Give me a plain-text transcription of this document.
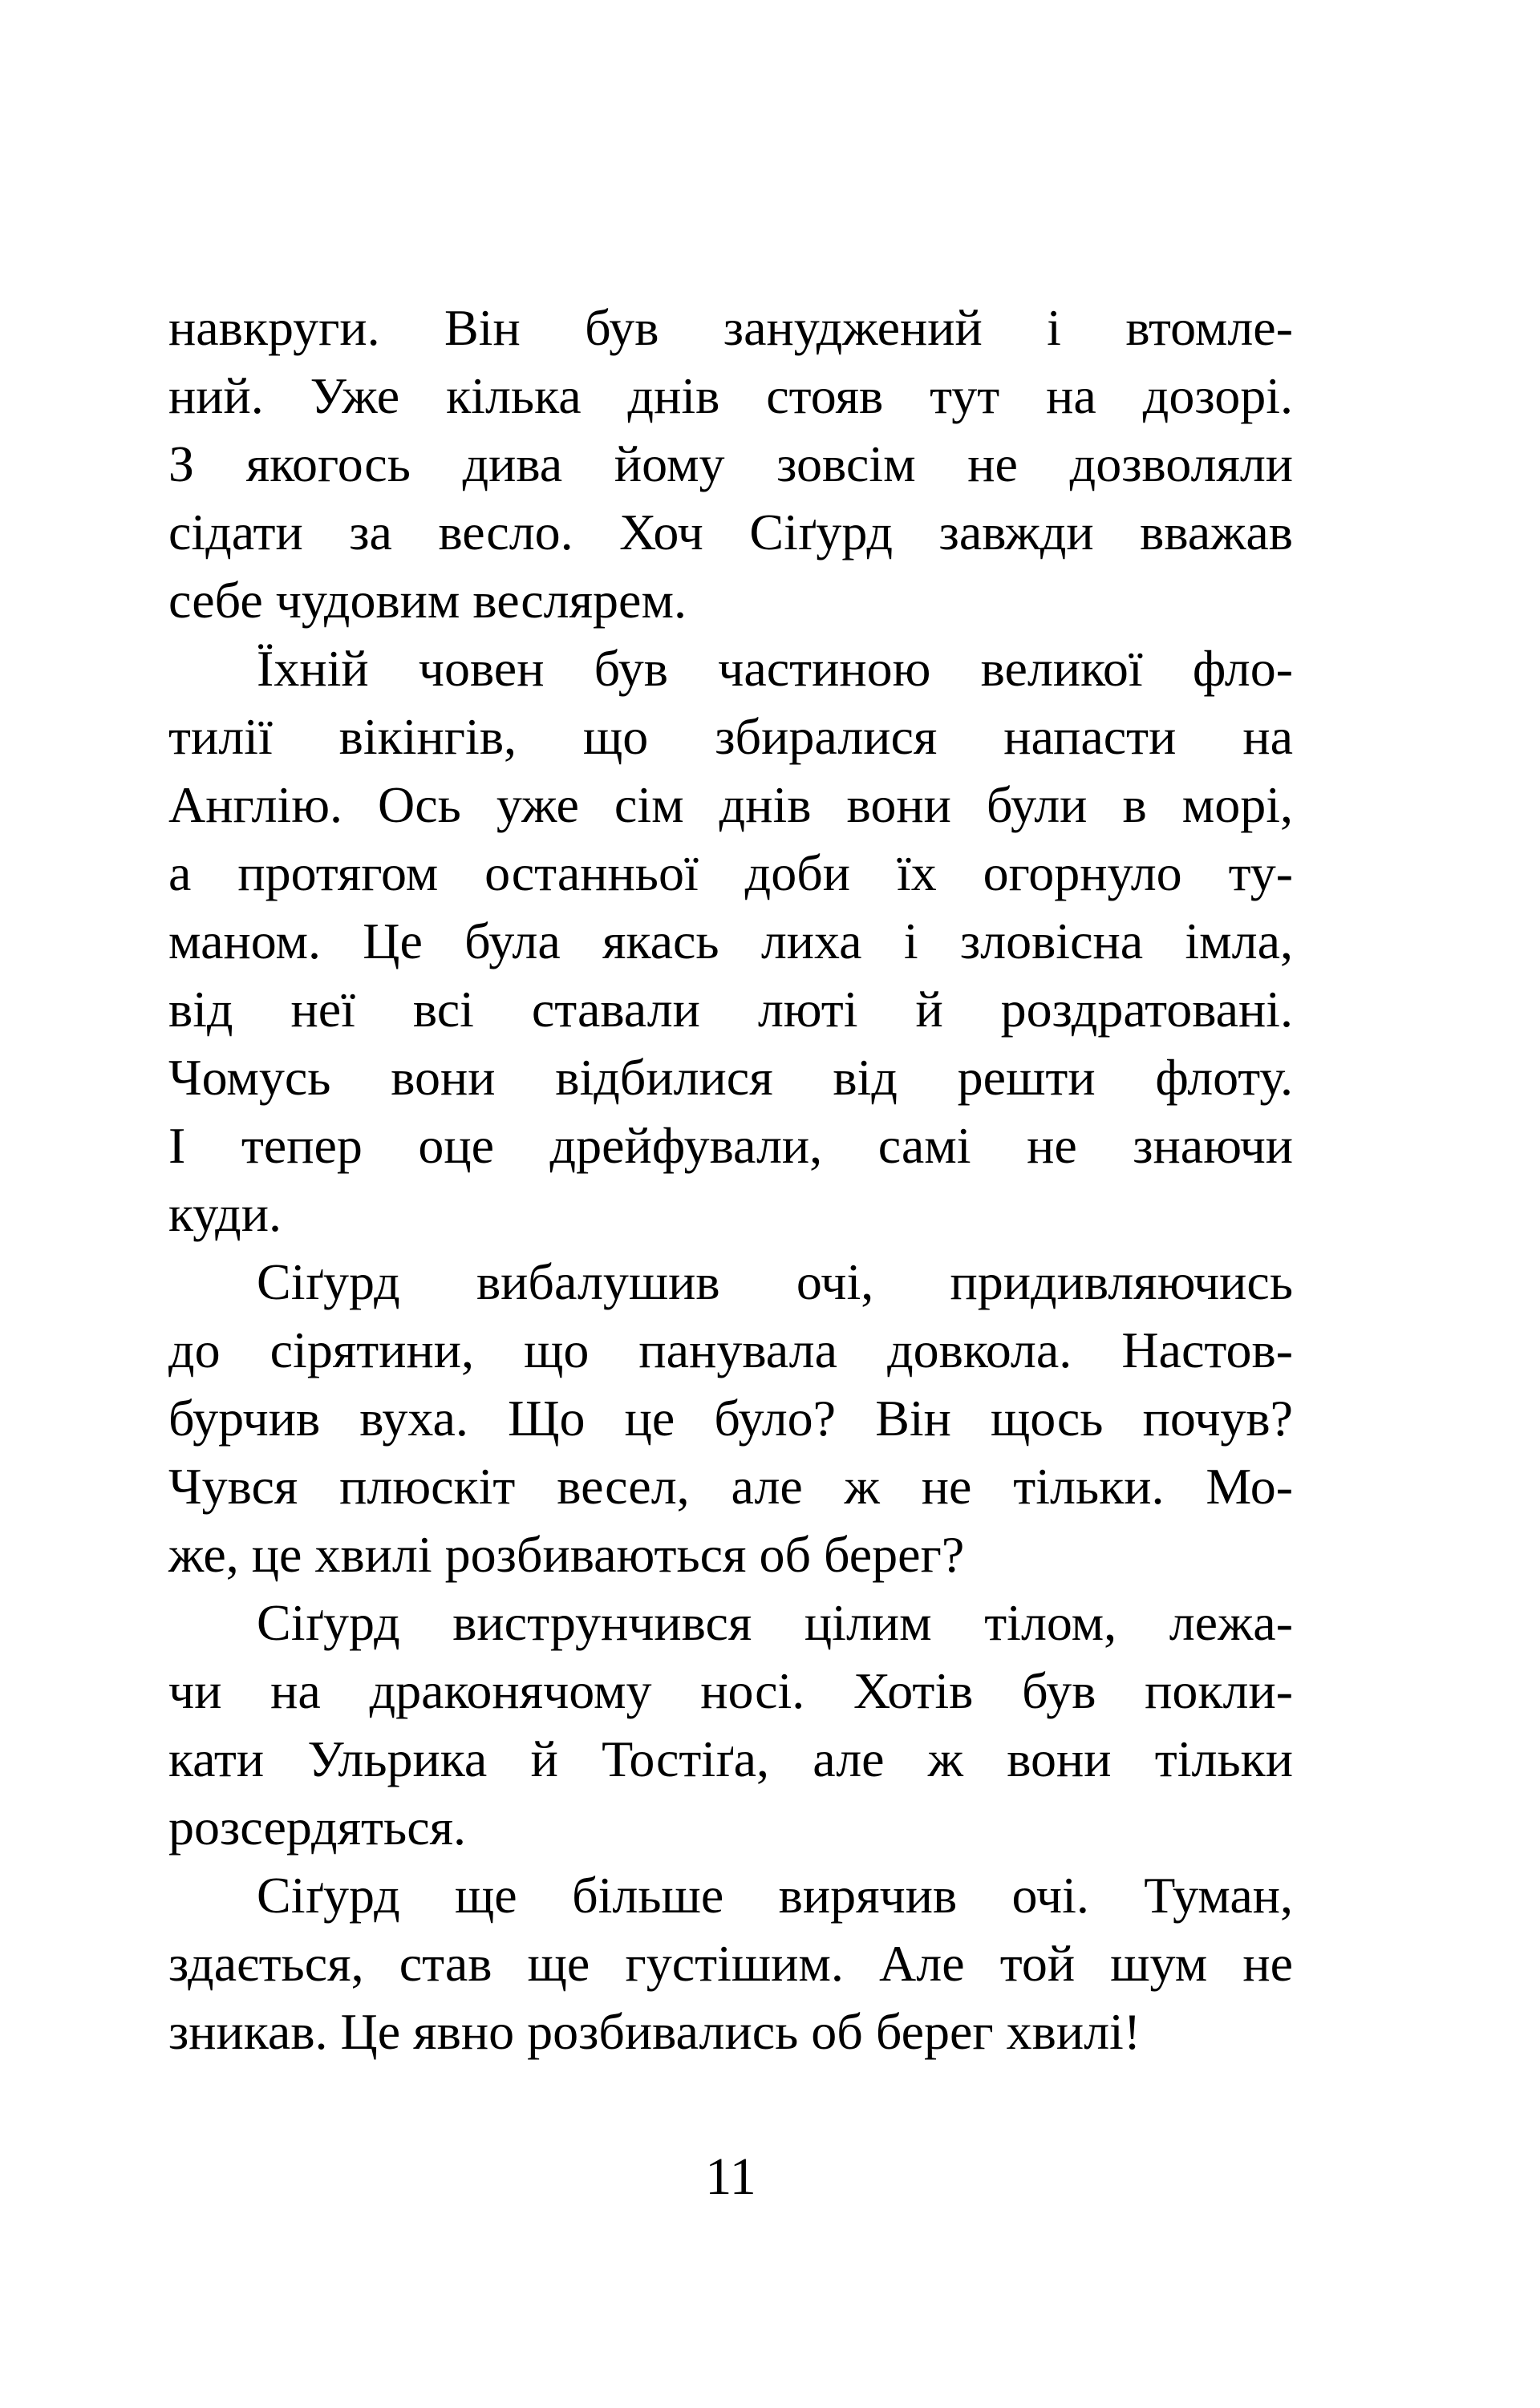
навкруги. Він був зануджений і втомле-
ний. Уже кілька днів стояв тут на дозорі.
З якогось дива йому зовсім не дозволяли
сідати за весло. Хоч Сіґурд завжди вважав
себе чудовим веслярем.
Їхній човен був частиною великої фло-
тилії вікінгів, що збиралися напасти на
Англію. Ось уже сім днів вони були в морі,
а протягом останньої доби їх огорнуло ту-
маном. Це була якась лиха і зловісна імла,
від неї всі ставали люті й роздратовані.
Чомусь вони відбилися від решти флоту.
І тепер оце дрейфували, самі не знаючи
куди.
Сіґурд вибалушив очі, придивляючись
до сірятини, що панувала довкола. Настов-
бурчив вуха. Що це було? Він щось почув?
Чувся плюскіт весел, але ж не тільки. Мо-
же, це хвилі розбиваються об берег?
Сіґурд виструнчився цілим тілом, лежа-
чи на драконячому носі. Хотів був покли-
кати Ульрика й Тостіґа, але ж вони тільки
розсердяться.
Сіґурд ще більше вирячив очі. Туман,
здається, став ще густішим. Але той шум не
зникав. Це явно розбивались об берег хвилі!
11
